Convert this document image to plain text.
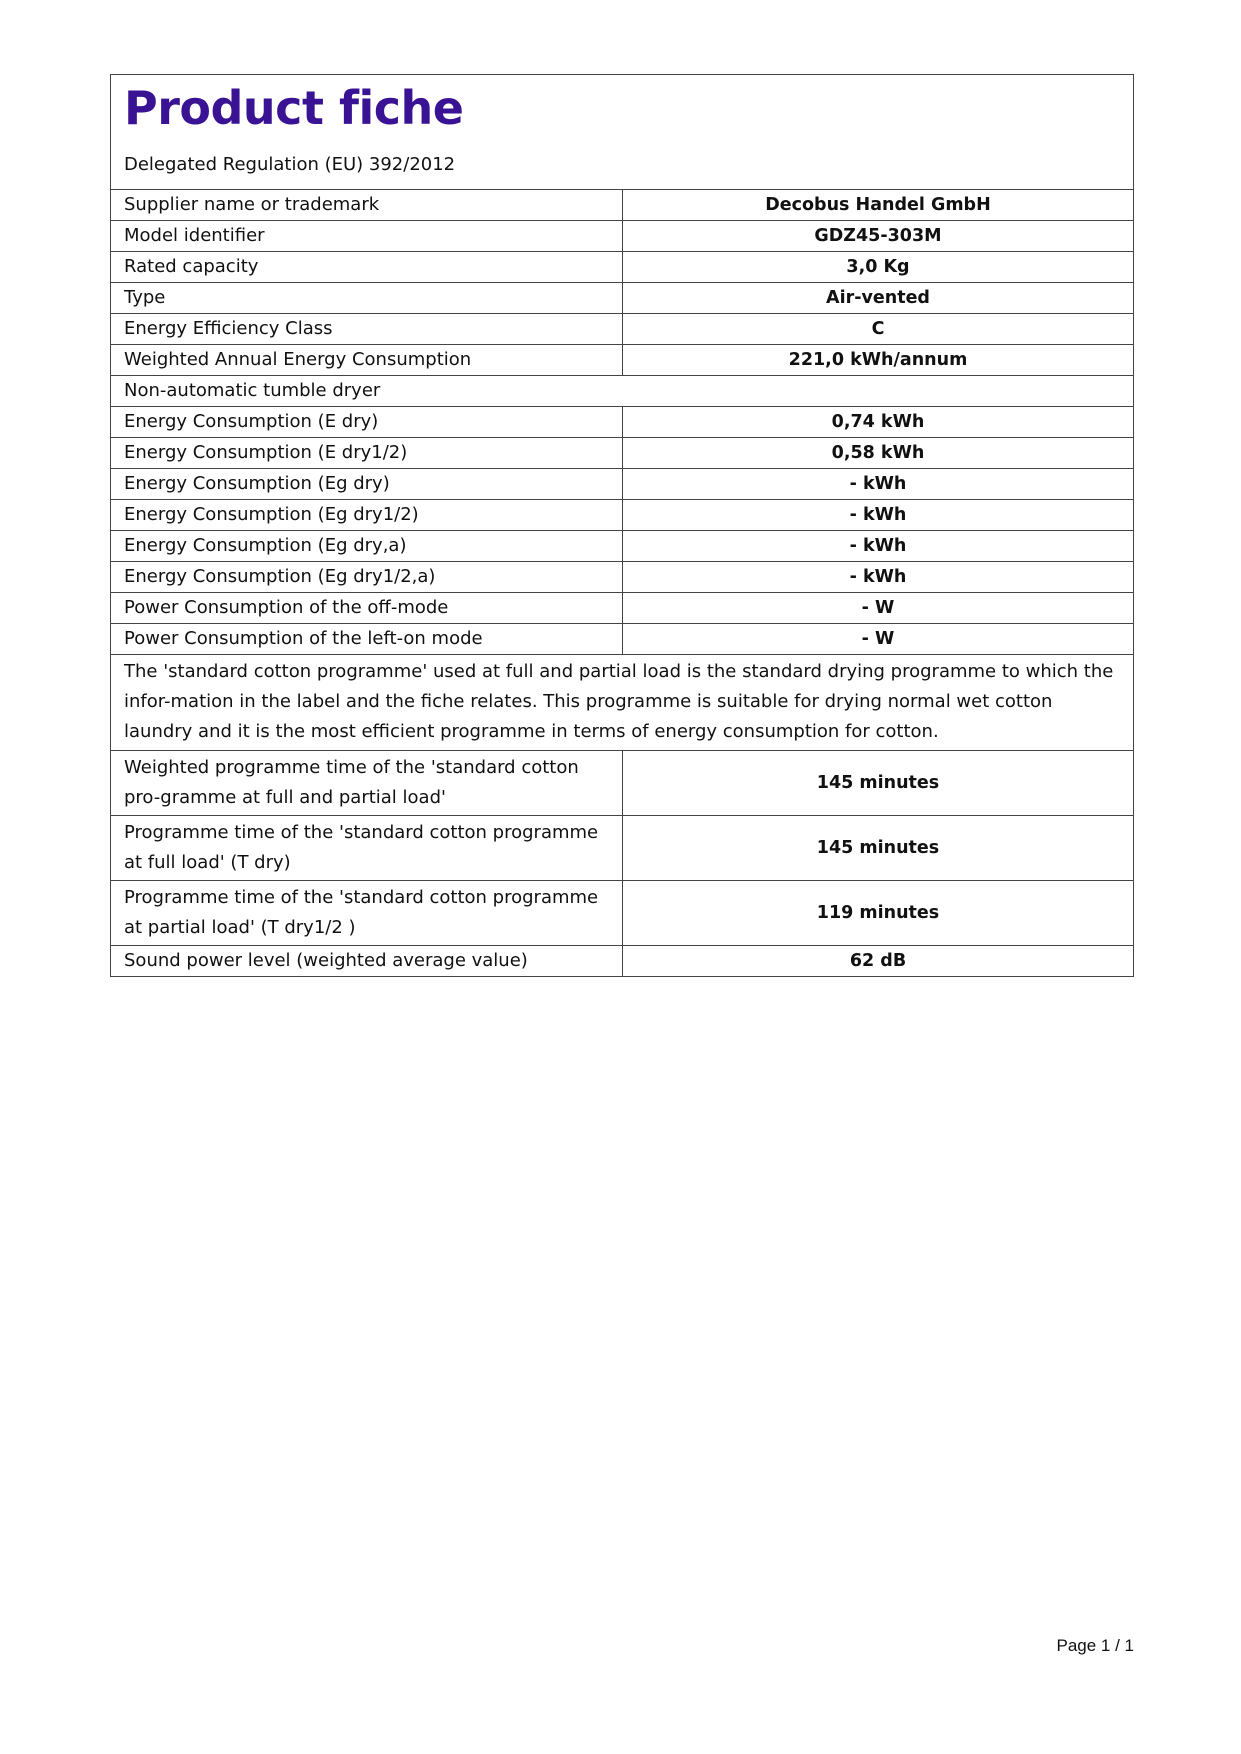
Product fiche
Delegated Regulation (EU) 392/2012
Supplier name or trademark	Decobus Handel GmbH
Model identifier	GDZ45-303M
Rated capacity	3,0 Kg
Type	Air-vented
Energy Efficiency Class	C
Weighted Annual Energy Consumption	221,0 kWh/annum
Non-automatic tumble dryer	
Energy Consumption (E dry)	0,74 kWh
Energy Consumption (E dry1/2)	0,58 kWh
Energy Consumption (Eg dry)	- kWh
Energy Consumption (Eg dry1/2)	- kWh
Energy Consumption (Eg dry,a)	- kWh
Energy Consumption (Eg dry1/2,a)	- kWh
Power Consumption of the off-mode	- W
Power Consumption of the left-on mode	- W
The 'standard cotton programme' used at full and partial load is the standard drying programme to which the infor-mation in the label and the fiche relates. This programme is suitable for drying normal wet cotton laundry and it is the most efficient programme in terms of energy consumption for cotton.	
Weighted programme time of the 'standard cotton pro-gramme at full and partial load'	145 minutes
Programme time of the 'standard cotton programme at full load' (T dry)	145 minutes
Programme time of the 'standard cotton programme at partial load' (T dry1/2 )	119 minutes
Sound power level (weighted average value)	62 dB
Page 1 / 1
